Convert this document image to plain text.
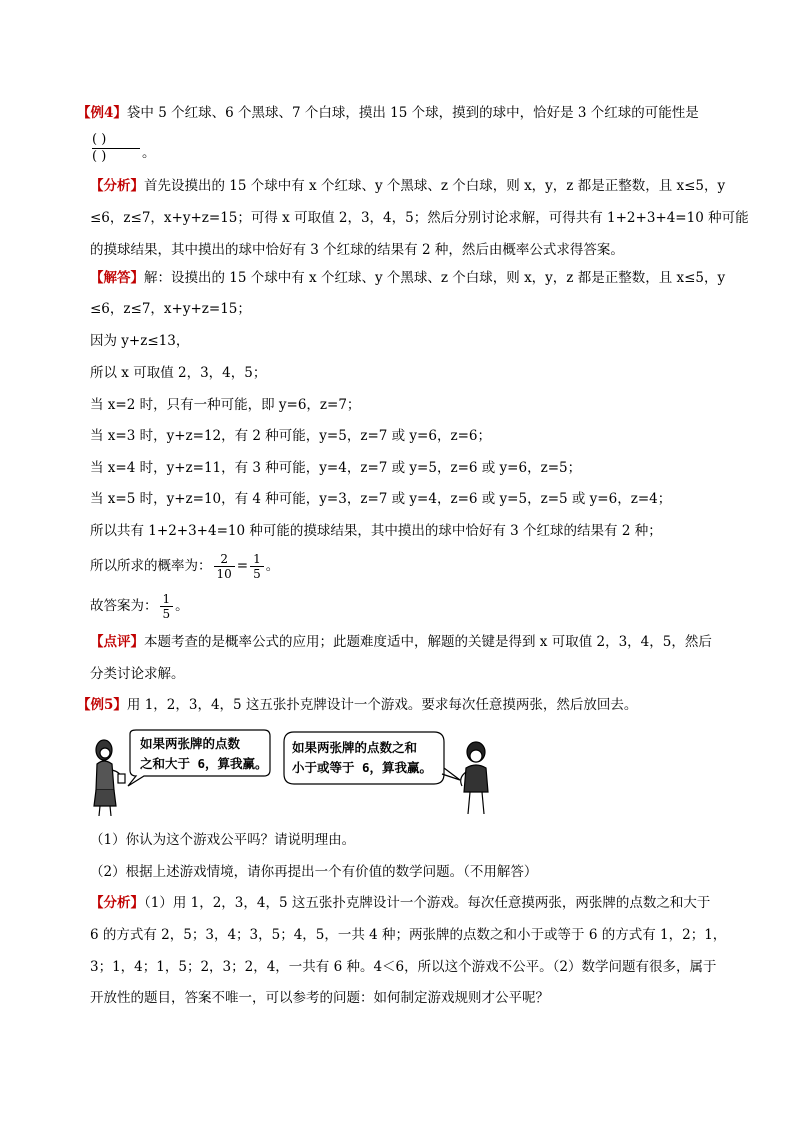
【例4】袋中 5 个红球、6 个黑球、7 个白球，摸出 15 个球，摸到的球中，恰好是 3 个红球的可能性是
( )
( )	。
【分析】首先设摸出的 15 个球中有 x 个红球、y 个黑球、z 个白球，则 x，y，z 都是正整数，且 x≤5，y
≤6，z≤7，x+y+z=15；可得 x 可取值 2，3，4，5；然后分别讨论求解，可得共有 1+2+3+4=10 种可能
的摸球结果，其中摸出的球中恰好有 3 个红球的结果有 2 种，然后由概率公式求得答案。
【解答】解：设摸出的 15 个球中有 x 个红球、y 个黑球、z 个白球，则 x，y，z 都是正整数，且 x≤5，y
≤6，z≤7，x+y+z=15；
因为 y+z≤13，
所以 x 可取值 2，3，4，5；
当 x=2 时，只有一种可能，即 y=6，z=7；
当 x=3 时，y+z=12，有 2 种可能，y=5，z=7 或 y=6，z=6；
当 x=4 时，y+z=11，有 3 种可能，y=4，z=7 或 y=5，z=6 或 y=6，z=5；
当 x=5 时，y+z=10，有 4 种可能，y=3，z=7 或 y=4，z=6 或 y=5，z=5 或 y=6，z=4；
所以共有 1+2+3+4=10 种可能的摸球结果，其中摸出的球中恰好有 3 个红球的结果有 2 种；
所以所求的概率为： $\frac{2}{10} = \frac{1}{5}$ 。
故答案为： $\frac{1}{5}$ 。
【点评】本题考查的是概率公式的应用；此题难度适中，解题的关键是得到 x 可取值 2，3，4，5，然后
分类讨论求解。
【例5】用 1，2，3，4，5 这五张扑克牌设计一个游戏。要求每次任意摸两张，然后放回去。
如果两张牌的点数
之和大于 6，算我赢。
如果两张牌的点数之和
小于或等于 6，算我赢。
（1）你认为这个游戏公平吗？请说明理由。
（2）根据上述游戏情境，请你再提出一个有价值的数学问题。（不用解答）
【分析】（1）用 1，2，3，4，5 这五张扑克牌设计一个游戏。每次任意摸两张，两张牌的点数之和大于
6 的方式有 2，5；3，4；3，5；4，5，一共 4 种；两张牌的点数之和小于或等于 6 的方式有 1，2；1，
3；1，4；1，5；2，3；2，4，一共有 6 种。4＜6，所以这个游戏不公平。（2）数学问题有很多，属于
开放性的题目，答案不唯一，可以参考的问题：如何制定游戏规则才公平呢？
